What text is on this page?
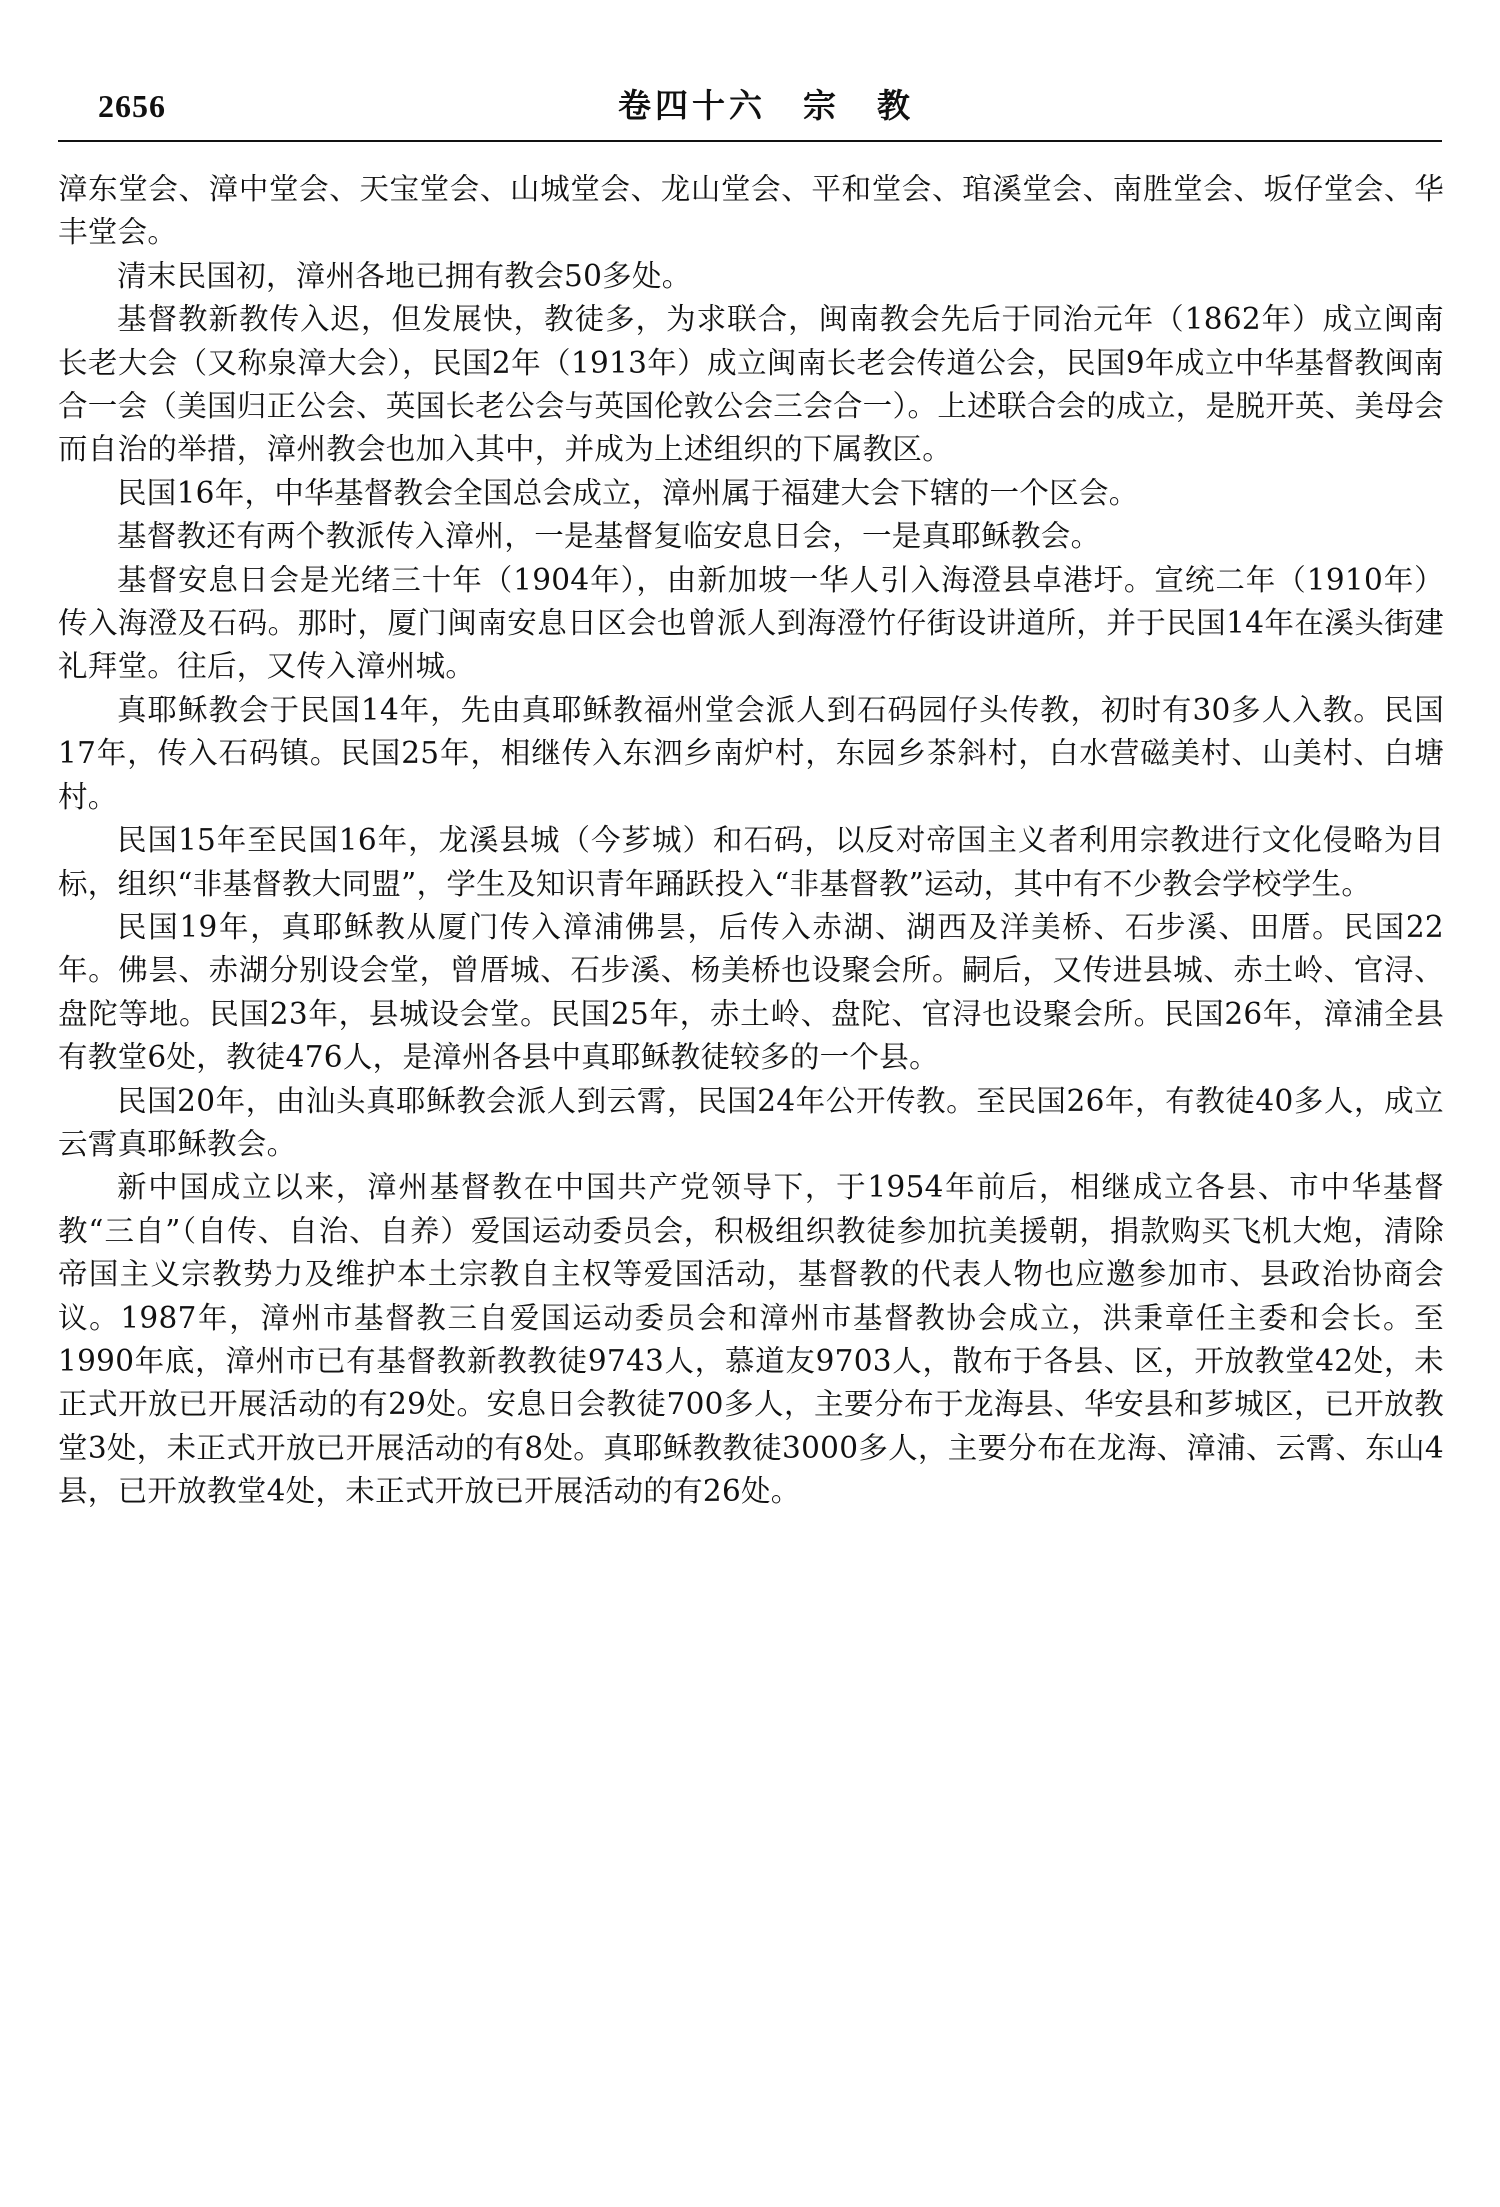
2656	卷四十六　宗　教

漳东堂会、漳中堂会、天宝堂会、山城堂会、龙山堂会、平和堂会、琯溪堂会、南胜堂会、坂仔堂会、华丰堂会。

清末民国初，漳州各地已拥有教会50多处。

基督教新教传入迟，但发展快，教徒多，为求联合，闽南教会先后于同治元年（1862年）成立闽南长老大会（又称泉漳大会），民国2年（1913年）成立闽南长老会传道公会，民国9年成立中华基督教闽南合一会（美国归正公会、英国长老公会与英国伦敦公会三会合一）。上述联合会的成立，是脱开英、美母会而自治的举措，漳州教会也加入其中，并成为上述组织的下属教区。

民国16年，中华基督教会全国总会成立，漳州属于福建大会下辖的一个区会。

基督教还有两个教派传入漳州，一是基督复临安息日会，一是真耶稣教会。

基督安息日会是光绪三十年（1904年），由新加坡一华人引入海澄县卓港圩。宣统二年（1910年）传入海澄及石码。那时，厦门闽南安息日区会也曾派人到海澄竹仔街设讲道所，并于民国14年在溪头街建礼拜堂。往后，又传入漳州城。

真耶稣教会于民国14年，先由真耶稣教福州堂会派人到石码园仔头传教，初时有30多人入教。民国17年，传入石码镇。民国25年，相继传入东泗乡南炉村，东园乡茶斜村，白水营磁美村、山美村、白塘村。

民国15年至民国16年，龙溪县城（今芗城）和石码，以反对帝国主义者利用宗教进行文化侵略为目标，组织“非基督教大同盟”，学生及知识青年踊跃投入“非基督教”运动，其中有不少教会学校学生。

民国19年，真耶稣教从厦门传入漳浦佛昙，后传入赤湖、湖西及洋美桥、石步溪、田厝。民国22年。佛昙、赤湖分别设会堂，曾厝城、石步溪、杨美桥也设聚会所。嗣后，又传进县城、赤土岭、官浔、盘陀等地。民国23年，县城设会堂。民国25年，赤土岭、盘陀、官浔也设聚会所。民国26年，漳浦全县有教堂6处，教徒476人，是漳州各县中真耶稣教徒较多的一个县。

民国20年，由汕头真耶稣教会派人到云霄，民国24年公开传教。至民国26年，有教徒40多人，成立云霄真耶稣教会。

新中国成立以来，漳州基督教在中国共产党领导下，于1954年前后，相继成立各县、市中华基督教“三自”（自传、自治、自养）爱国运动委员会，积极组织教徒参加抗美援朝，捐款购买飞机大炮，清除帝国主义宗教势力及维护本土宗教自主权等爱国活动，基督教的代表人物也应邀参加市、县政治协商会议。1987年，漳州市基督教三自爱国运动委员会和漳州市基督教协会成立，洪秉章任主委和会长。至1990年底，漳州市已有基督教新教教徒9743人，慕道友9703人，散布于各县、区，开放教堂42处，未正式开放已开展活动的有29处。安息日会教徒700多人，主要分布于龙海县、华安县和芗城区，已开放教堂3处，未正式开放已开展活动的有8处。真耶稣教教徒3000多人，主要分布在龙海、漳浦、云霄、东山4县，已开放教堂4处，未正式开放已开展活动的有26处。
